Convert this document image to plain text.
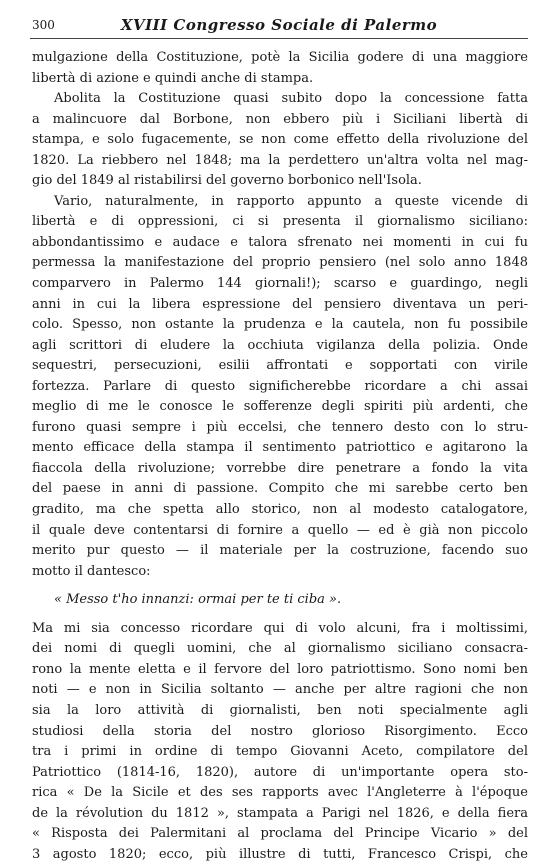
300	XVIII Congresso Sociale di Palermo
mulgazione della Costituzione, potè la Sicilia godere di una maggiore
libertà di azione e quindi anche di stampa.
Abolita la Costituzione quasi subito dopo la concessione fatta
a malincuore dal Borbone, non ebbero più i Siciliani libertà di
stampa, e solo fugacemente, se non come effetto della rivoluzione del
1820. La riebbero nel 1848; ma la perdettero un'altra volta nel mag-
gio del 1849 al ristabilirsi del governo borbonico nell'Isola.
Vario, naturalmente, in rapporto appunto a queste vicende di
libertà e di oppressioni, ci si presenta il giornalismo siciliano:
abbondantissimo e audace e talora sfrenato nei momenti in cui fu
permessa la manifestazione del proprio pensiero (nel solo anno 1848
comparvero in Palermo 144 giornali!); scarso e guardingo, negli
anni in cui la libera espressione del pensiero diventava un peri-
colo. Spesso, non ostante la prudenza e la cautela, non fu possibile
agli scrittori di eludere la occhiuta vigilanza della polizia. Onde
sequestri, persecuzioni, esilii affrontati e sopportati con virile
fortezza. Parlare di questo significherebbe ricordare a chi assai
meglio di me le conosce le sofferenze degli spiriti più ardenti, che
furono quasi sempre i più eccelsi, che tennero desto con lo stru-
mento efficace della stampa il sentimento patriottico e agitarono la
fiaccola della rivoluzione; vorrebbe dire penetrare a fondo la vita
del paese in anni di passione. Compito che mi sarebbe certo ben
gradito, ma che spetta allo storico, non al modesto catalogatore,
il quale deve contentarsi di fornire a quello — ed è già non piccolo
merito pur questo — il materiale per la costruzione, facendo suo
motto il dantesco:
« Messo t'ho innanzi: ormai per te ti ciba ».
Ma mi sia concesso ricordare qui di volo alcuni, fra i moltissimi,
dei nomi di quegli uomini, che al giornalismo siciliano consacra-
rono la mente eletta e il fervore del loro patriottismo. Sono nomi ben
noti — e non in Sicilia soltanto — anche per altre ragioni che non
sia la loro attività di giornalisti, ben noti specialmente agli
studiosi della storia del nostro glorioso Risorgimento. Ecco
tra i primi in ordine di tempo Giovanni Aceto, compilatore del
Patriottico (1814-16, 1820), autore di un'importante opera sto-
rica « De la Sicile et des ses rapports avec l'Angleterre à l'époque
de la révolution du 1812 », stampata a Parigi nel 1826, e della fiera
« Risposta dei Palermitani al proclama del Principe Vicario » del
3 agosto 1820; ecco, più illustre di tutti, Francesco Crispi, che
